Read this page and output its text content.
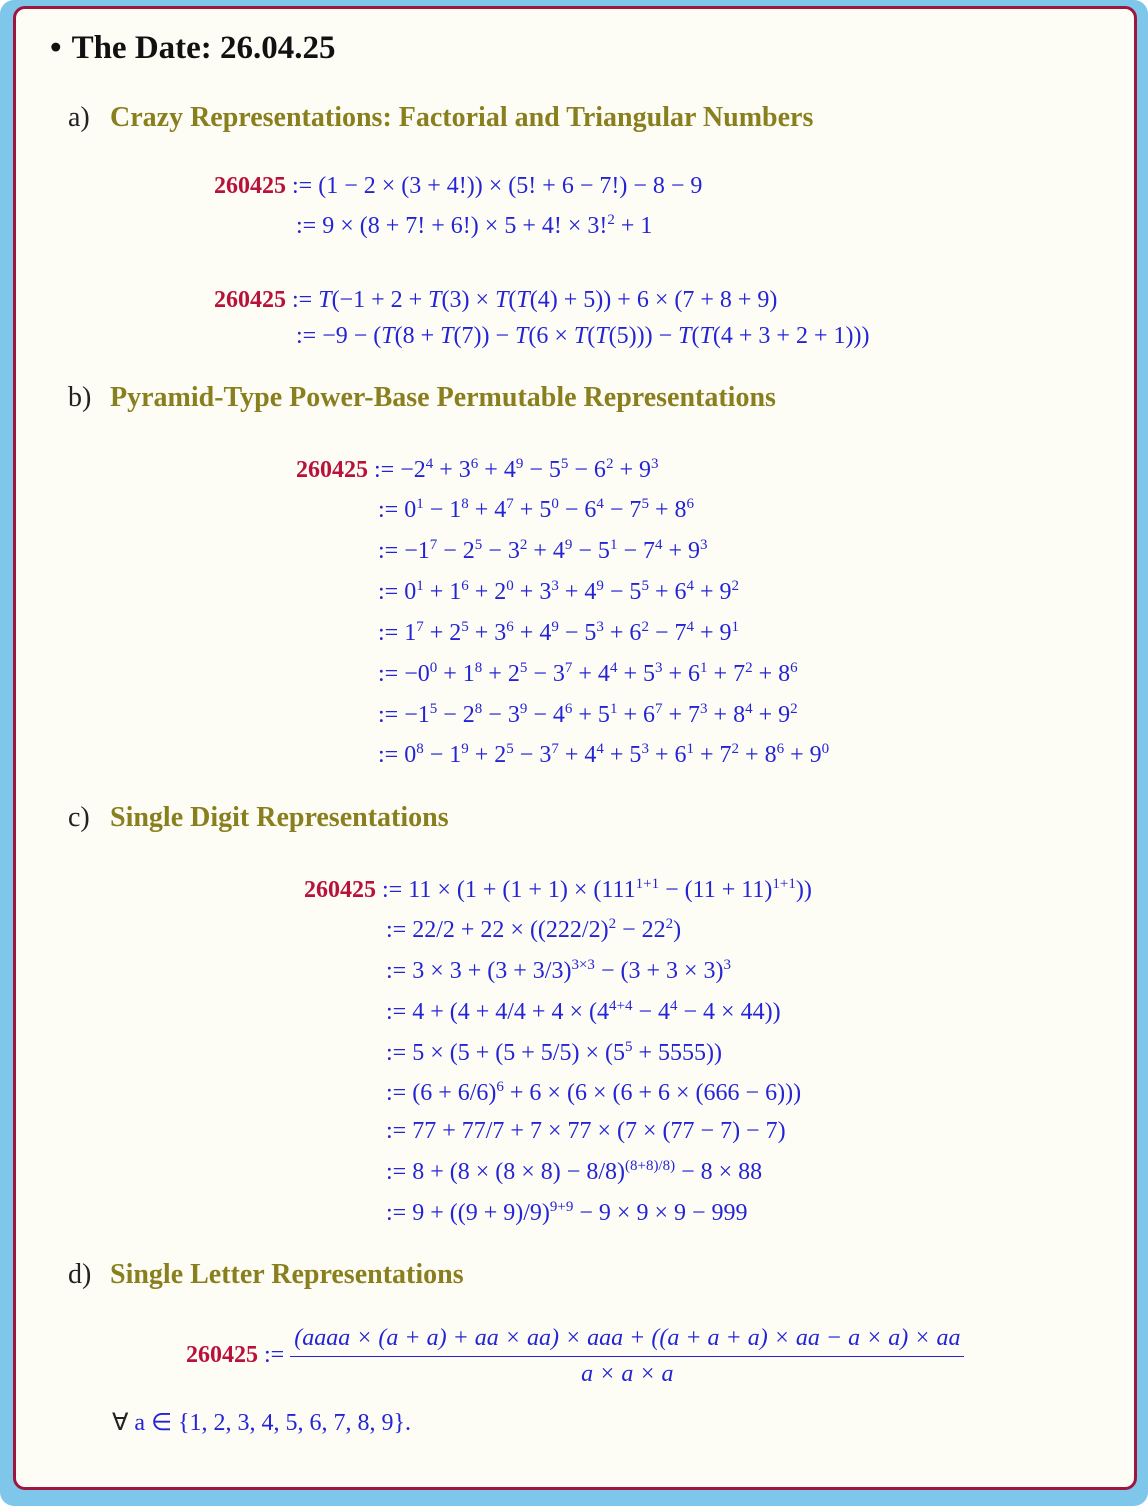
• The Date: 26.04.25
a) Crazy Representations: Factorial and Triangular Numbers
260425 := (1 − 2 × (3 + 4!)) × (5! + 6 − 7!) − 8 − 9
:= 9 × (8 + 7! + 6!) × 5 + 4! × 3!$^2$ + 1
260425 := T(−1 + 2 + T(3) × T(T(4) + 5)) + 6 × (7 + 8 + 9)
:= −9 − (T(8 + T(7)) − T(6 × T(T(5))) − T(T(4 + 3 + 2 + 1)))
b) Pyramid-Type Power-Base Permutable Representations
260425 := $-2^4 + 3^6 + 4^9 - 5^5 - 6^2 + 9^3$
:= $0^1 - 1^8 + 4^7 + 5^0 - 6^4 - 7^5 + 8^6$
:= $-1^7 - 2^5 - 3^2 + 4^9 - 5^1 - 7^4 + 9^3$
:= $0^1 + 1^6 + 2^0 + 3^3 + 4^9 - 5^5 + 6^4 + 9^2$
:= $1^7 + 2^5 + 3^6 + 4^9 - 5^3 + 6^2 - 7^4 + 9^1$
:= $-0^0 + 1^8 + 2^5 - 3^7 + 4^4 + 5^3 + 6^1 + 7^2 + 8^6$
:= $-1^5 - 2^8 - 3^9 - 4^6 + 5^1 + 6^7 + 7^3 + 8^4 + 9^2$
:= $0^8 - 1^9 + 2^5 - 3^7 + 4^4 + 5^3 + 6^1 + 7^2 + 8^6 + 9^0$
c) Single Digit Representations
260425 := $11 \times (1 + (1 + 1) \times (111^{1+1} - (11 + 11)^{1+1}))$
:= $22/2 + 22 \times ((222/2)^2 - 22^2)$
:= $3 \times 3 + (3 + 3/3)^{3\times 3} - (3 + 3 \times 3)^3$
:= $4 + (4 + 4/4 + 4 \times (4^{4+4} - 4^4 - 4 \times 44))$
:= $5 \times (5 + (5 + 5/5) \times (5^5 + 5555))$
:= $(6 + 6/6)^6 + 6 \times (6 \times (6 + 6 \times (666 - 6)))$
:= 77 + 77/7 + 7 × 77 × (7 × (77 − 7) − 7)
:= $8 + (8 \times (8 \times 8) - 8/8)^{(8+8)/8)} - 8 \times 88$
:= $9 + ((9 + 9)/9)^{9+9} - 9 \times 9 \times 9 - 999$
d) Single Letter Representations
260425 :=
(aaaa × (a + a) + aa × aa) × aaa + ((a + a + a) × aa − a × a) × aa
a × a × a
∀ a ∈ {1, 2, 3, 4, 5, 6, 7, 8, 9}.
